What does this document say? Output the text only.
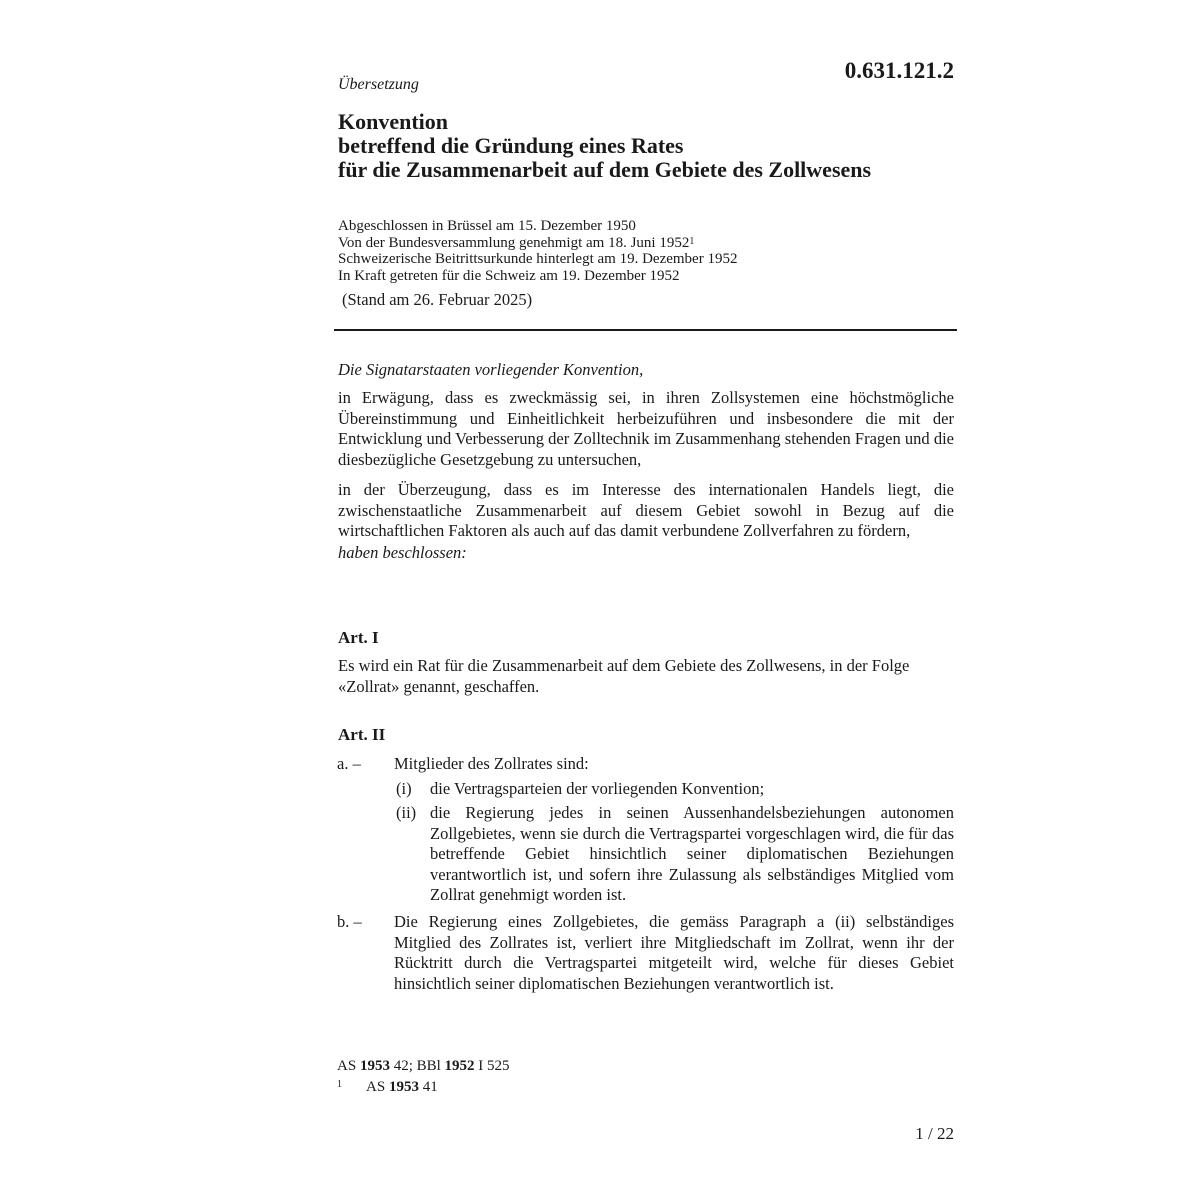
0.631.121.2
Übersetzung
Konvention
betreffend die Gründung eines Rates
für die Zusammenarbeit auf dem Gebiete des Zollwesens
Abgeschlossen in Brüssel am 15. Dezember 1950
Von der Bundesversammlung genehmigt am 18. Juni 1952$^1$
Schweizerische Beitrittsurkunde hinterlegt am 19. Dezember 1952
In Kraft getreten für die Schweiz am 19. Dezember 1952
(Stand am 26. Februar 2025)
Die Signatarstaaten vorliegender Konvention,
in Erwägung, dass es zweckmässig sei, in ihren Zollsystemen eine höchstmögliche Übereinstimmung und Einheitlichkeit herbeizuführen und insbesondere die mit der Entwicklung und Verbesserung der Zolltechnik im Zusammenhang stehenden Fragen und die diesbezügliche Gesetzgebung zu untersuchen,
in der Überzeugung, dass es im Interesse des internationalen Handels liegt, die zwischenstaatliche Zusammenarbeit auf diesem Gebiet sowohl in Bezug auf die wirtschaftlichen Faktoren als auch auf das damit verbundene Zollverfahren zu fördern,
haben beschlossen:
Art. I
Es wird ein Rat für die Zusammenarbeit auf dem Gebiete des Zollwesens, in der Folge «Zollrat» genannt, geschaffen.
Art. II
a. – Mitglieder des Zollrates sind:
(i) die Vertragsparteien der vorliegenden Konvention;
(ii) die Regierung jedes in seinen Aussenhandelsbeziehungen autonomen Zollgebietes, wenn sie durch die Vertragspartei vorgeschlagen wird, die für das betreffende Gebiet hinsichtlich seiner diplomatischen Beziehungen verantwortlich ist, und sofern ihre Zulassung als selbständiges Mitglied vom Zollrat genehmigt worden ist.
b. – Die Regierung eines Zollgebietes, die gemäss Paragraph a (ii) selbständiges Mitglied des Zollrates ist, verliert ihre Mitgliedschaft im Zollrat, wenn ihr der Rücktritt durch die Vertragspartei mitgeteilt wird, welche für dieses Gebiet hinsichtlich seiner diplomatischen Beziehungen verantwortlich ist.
AS 1953 42; BBl 1952 I 525
$^1$ AS 1953 41
1 / 22
